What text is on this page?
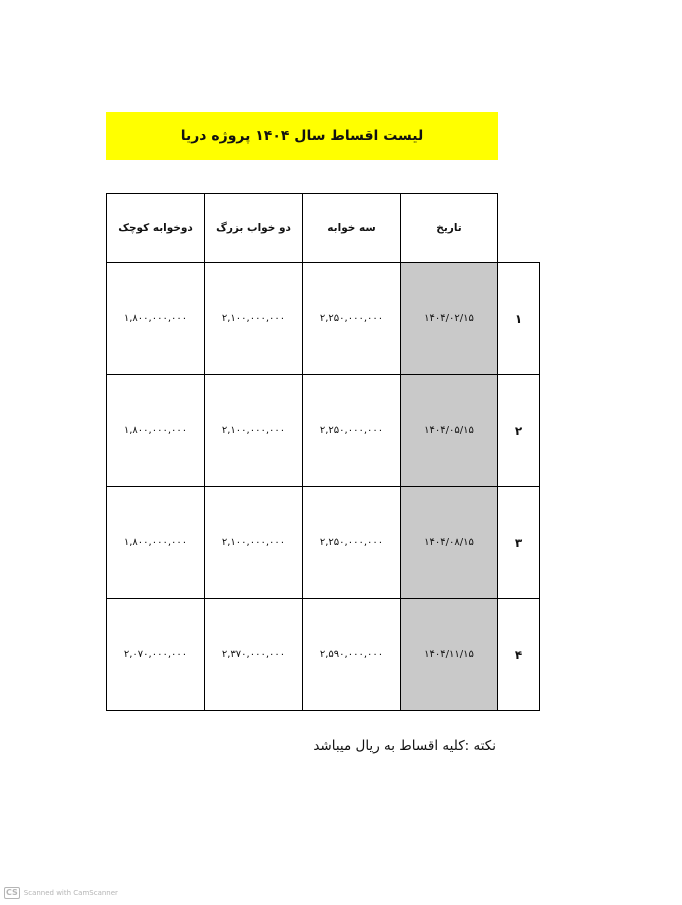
لیست اقساط سال ۱۴۰۴ پروژه دریا
دوخوابه کوچک	دو خواب بزرگ	سه خوابه	تاریخ
۱,۸۰۰,۰۰۰,۰۰۰	۲,۱۰۰,۰۰۰,۰۰۰	۲,۲۵۰,۰۰۰,۰۰۰	۱۴۰۴/۰۲/۱۵	۱
۱,۸۰۰,۰۰۰,۰۰۰	۲,۱۰۰,۰۰۰,۰۰۰	۲,۲۵۰,۰۰۰,۰۰۰	۱۴۰۴/۰۵/۱۵	۲
۱,۸۰۰,۰۰۰,۰۰۰	۲,۱۰۰,۰۰۰,۰۰۰	۲,۲۵۰,۰۰۰,۰۰۰	۱۴۰۴/۰۸/۱۵	۳
۲,۰۷۰,۰۰۰,۰۰۰	۲,۳۷۰,۰۰۰,۰۰۰	۲,۵۹۰,۰۰۰,۰۰۰	۱۴۰۴/۱۱/۱۵	۴
نکته :کلیه اقساط به ریال میباشد
CS Scanned with CamScanner
